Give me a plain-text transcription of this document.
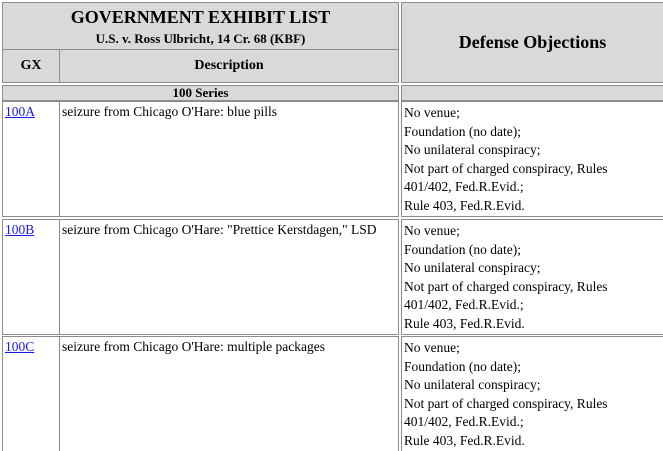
GOVERNMENT EXHIBIT LIST
U.S. v. Ross Ulbricht, 14 Cr. 68 (KBF)
GX	Description
Defense Objections
100 Series
100A	seizure from Chicago O'Hare: blue pills	No venue;
Foundation (no date);
No unilateral conspiracy;
Not part of charged conspiracy, Rules
401/402, Fed.R.Evid.;
Rule 403, Fed.R.Evid.
100B	seizure from Chicago O'Hare: "Prettice Kerstdagen," LSD	No venue;
Foundation (no date);
No unilateral conspiracy;
Not part of charged conspiracy, Rules
401/402, Fed.R.Evid.;
Rule 403, Fed.R.Evid.
100C	seizure from Chicago O'Hare: multiple packages	No venue;
Foundation (no date);
No unilateral conspiracy;
Not part of charged conspiracy, Rules
401/402, Fed.R.Evid.;
Rule 403, Fed.R.Evid.
